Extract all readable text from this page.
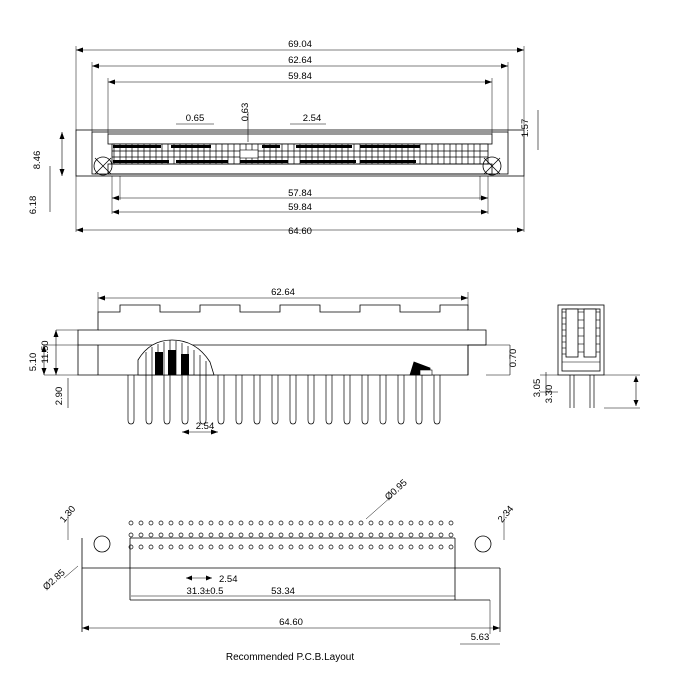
69.04
62.64
59.84
0.65	0.63	2.54
57.84
59.84
64.60
8.46
6.18
1.57
62.64
11.50
5.10
2.90
2.54
0.70
3.05 3.30
Ø0.95
1.30	2.34
Ø2.85	2.54
31.3±0.5	53.34
64.60
5.63
Recommended P.C.B.Layout
